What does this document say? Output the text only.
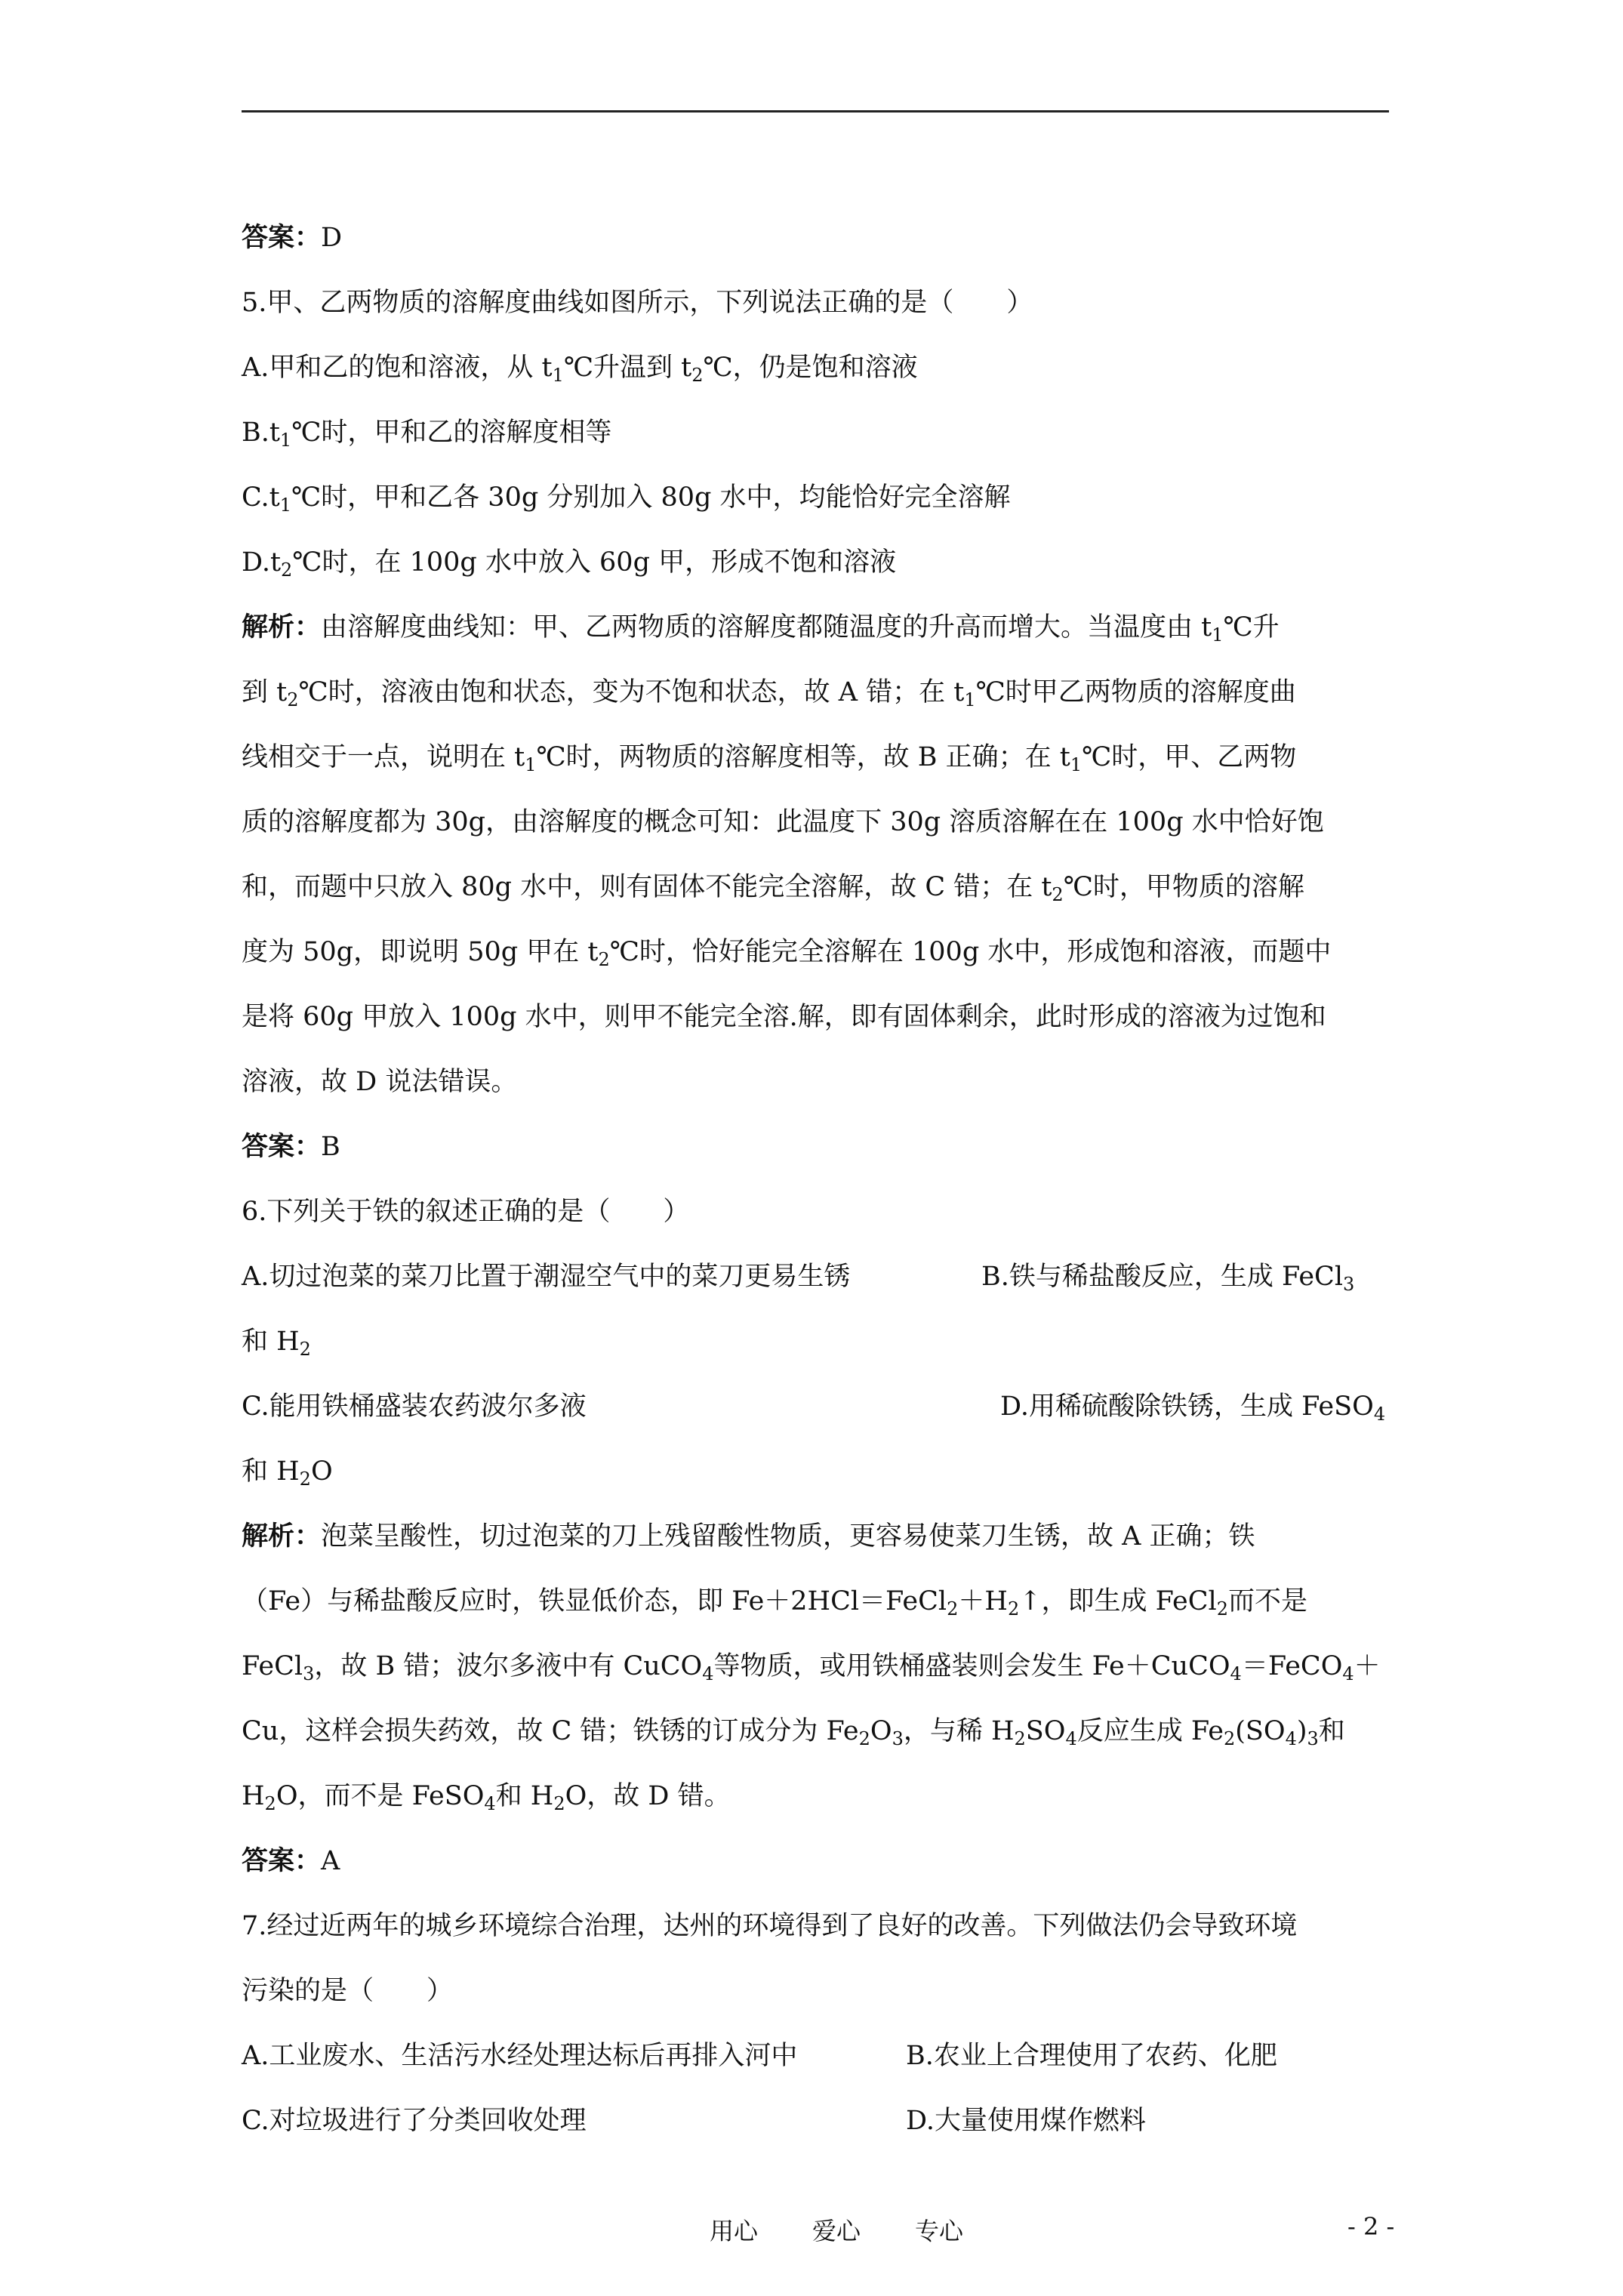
答案：D
5.甲、乙两物质的溶解度曲线如图所示，下列说法正确的是（　　）
A.甲和乙的饱和溶液，从 $t_1℃$升温到 $t_2℃$，仍是饱和溶液
$B.t_1℃$时，甲和乙的溶解度相等
$C.t_1℃$时，甲和乙各 30g 分别加入 80g 水中，均能恰好完全溶解
$D.t_2℃$时，在 100g 水中放入 60g 甲，形成不饱和溶液
解析：由溶解度曲线知：甲、乙两物质的溶解度都随温度的升高而增大。当温度由 $t_1℃$升
到 $t_2℃$时，溶液由饱和状态，变为不饱和状态，故 A 错；在 $t_1℃$时甲乙两物质的溶解度曲
线相交于一点，说明在 $t_1℃$时，两物质的溶解度相等，故 B 正确；在 $t_1℃$时，甲、乙两物
质的溶解度都为 30g，由溶解度的概念可知：此温度下 30g 溶质溶解在在 100g 水中恰好饱
和，而题中只放入 80g 水中，则有固体不能完全溶解，故 C 错；在 $t_2℃$时，甲物质的溶解
度为 50g，即说明 50g 甲在 $t_2℃$时，恰好能完全溶解在 100g 水中，形成饱和溶液，而题中
是将 60g 甲放入 100g 水中，则甲不能完全溶.解，即有固体剩余，此时形成的溶液为过饱和
溶液，故 D 说法错误。
答案：B
6.下列关于铁的叙述正确的是（　　）
A.切过泡菜的菜刀比置于潮湿空气中的菜刀更易生锈	B.铁与稀盐酸反应，生成 FeCl$_3$
和 $H_2$
C.能用铁桶盛装农药波尔多液	D.用稀硫酸除铁锈，生成 FeSO$_4$
和 $H_2O$
解析：泡菜呈酸性，切过泡菜的刀上残留酸性物质，更容易使菜刀生锈，故 A 正确；铁
（Fe）与稀盐酸反应时，铁显低价态，即 $Fe+2HCl=FeCl_2+H_2↑$，即生成 FeCl$_2$而不是
FeCl$_3$，故 B 错；波尔多液中有 CuCO$_4$等物质，或用铁桶盛装则会发生 Fe＋CuCO$_4$＝FeCO$_4$＋
Cu，这样会损失药效，故 C 错；铁锈的订成分为 $Fe_2O_3$，与稀 $H_2SO_4$反应生成 $Fe_2(SO_4)_3$和
$H_2O$，而不是 FeSO$_4$和 $H_2O$，故 D 错。
答案：A
7.经过近两年的城乡环境综合治理，达州的环境得到了良好的改善。下列做法仍会导致环境
污染的是（　　）
A.工业废水、生活污水经处理达标后再排入河中	B.农业上合理使用了农药、化肥
C.对垃圾进行了分类回收处理	D.大量使用煤作燃料
用心 爱心 专心	- 2 -
